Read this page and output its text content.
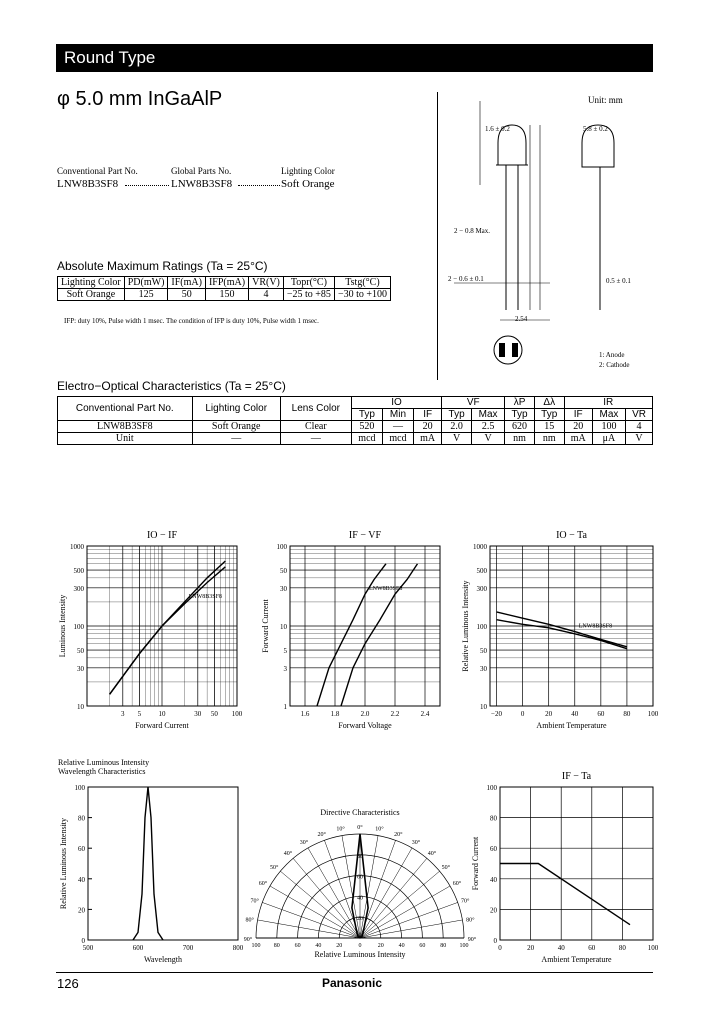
Round Type
φ 5.0 mm InGaAlP
Conventional Part No.	Global Parts No.	Lighting Color
LNW8B3SF8	LNW8B3SF8	Soft Orange
Unit: mm
1.6 ± 0.2	5.8 ± 0.2
2 − 0.8 Max.
2 − 0.6 ± 0.1	0.5 ± 0.1
2.54
1: Anode
2: Cathode
Absolute Maximum Ratings (Ta = 25°C)
Lighting Color	PD(mW)	IF(mA)	IFP(mA)	VR(V)	Topr(°C)	Tstg(°C)
Soft Orange	125	50	150	4	−25 to +85	−30 to +100
IFP: duty 10%, Pulse width 1 msec. The condition of IFP is duty 10%, Pulse width 1 msec.
Electro−Optical Characteristics (Ta = 25°C)
Conventional Part No.	Lighting Color	Lens Color	IO			VF		λP	Δλ	IR		
			Typ	Min	IF	Typ	Max	Typ	Typ	IF	Max	VR
LNW8B3SF8	Soft Orange	Clear	520	—	20	2.0	2.5	620	15	20	100	4
Unit	—	—	mcd	mcd	mA	V	V	nm	nm	mA	μA	V
3 5 10	30 50 100
10
30
50
100
300
500
1000
LNW8B3SF8
IO − IF
Forward Current
Luminous Intensity
1.6	1.8	2.0	2.2	2.4
1
3
5
10
30
50
100
LNW8B3SF8
IF − VF
Forward Voltage
Forward Current
−20	0	20	40	60	80 100
10
30
50
100
300
500
1000
LNW8B3SF8
IO − Ta
Ambient Temperature
Relative Luminous Intensity
500	600	700	800
0
20
40
60
80
100
Relative Luminous Intensity
Wavelength Characteristics
Wavelength
Relative Luminous Intensity
Directive Characteristics
0°
10°	10°
20°	20°
30°	30°
40°	40°
50°	50°
60°	60°
70°	70°
80°	80°
90°	90°
80
60
40
20
100 80 60 40 20	0	20 40 60 80 100
Relative Luminous Intensity
0	20	40	60	80	100
0
20
40
60
80
100
IF − Ta
Ambient Temperature
Forward Current
126	Panasonic
